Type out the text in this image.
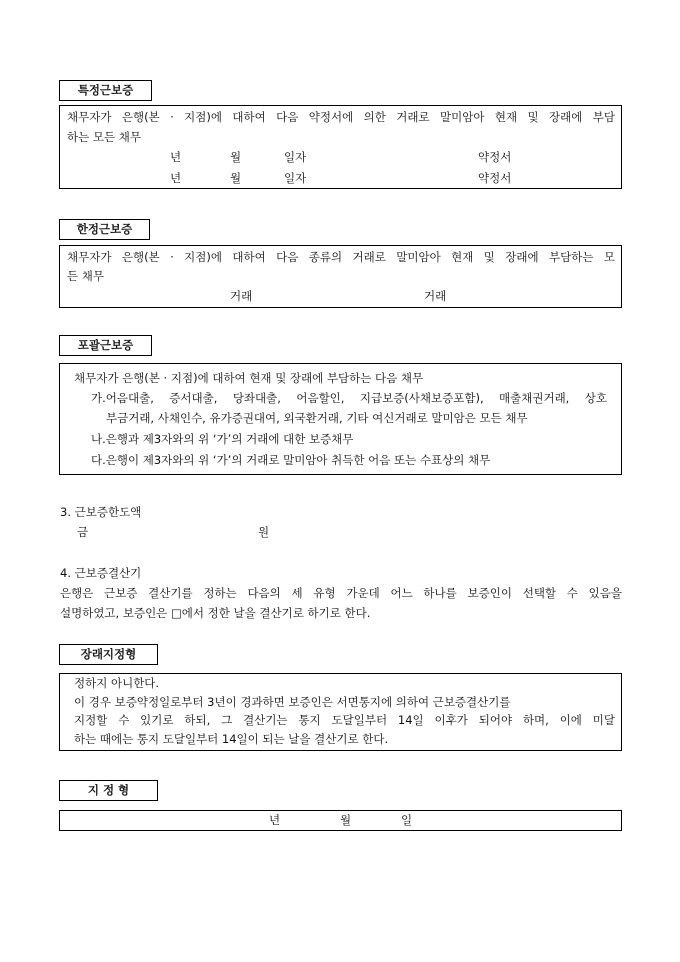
특정근보증
채무자가 은행(본 · 지점)에 대하여 다음 약정서에 의한 거래로 말미암아 현재 및 장래에 부담
하는 모든 채무
년	월	일자	약정서
년	월	일자	약정서
한정근보증
채무자가 은행(본 · 지점)에 대하여 다음 종류의 거래로 말미암아 현재 및 장래에 부담하는 모
든 채무
거래	거래
포괄근보증
채무자가 은행(본 · 지점)에 대하여 현재 및 장래에 부담하는 다음 채무
가.어음대출, 증서대출, 당좌대출, 어음할인, 지급보증(사채보증포함), 매출채권거래, 상호
부금거래, 사채인수, 유가증권대여, 외국환거래, 기타 여신거래로 말미암은 모든 채무
나.은행과 제3자와의 위 ‘가’의 거래에 대한 보증채무
다.은행이 제3자와의 위 ‘가’의 거래로 말미암아 취득한 어음 또는 수표상의 채무
3. 근보증한도액
금	원
4. 근보증결산기
은행은 근보증 결산기를 정하는 다음의 세 유형 가운데 어느 하나를 보증인이 선택할 수 있음을
설명하였고, 보증인은 □에서 정한 날을 결산기로 하기로 한다.
장래지정형
정하지 아니한다.
이 경우 보증약정일로부터 3년이 경과하면 보증인은 서면통지에 의하여 근보증결산기를
지정할 수 있기로 하되, 그 결산기는 통지 도달일부터 14일 이후가 되어야 하며, 이에 미달
하는 때에는 통지 도달일부터 14일이 되는 날을 결산기로 한다.
지 정 형
년	월	일
